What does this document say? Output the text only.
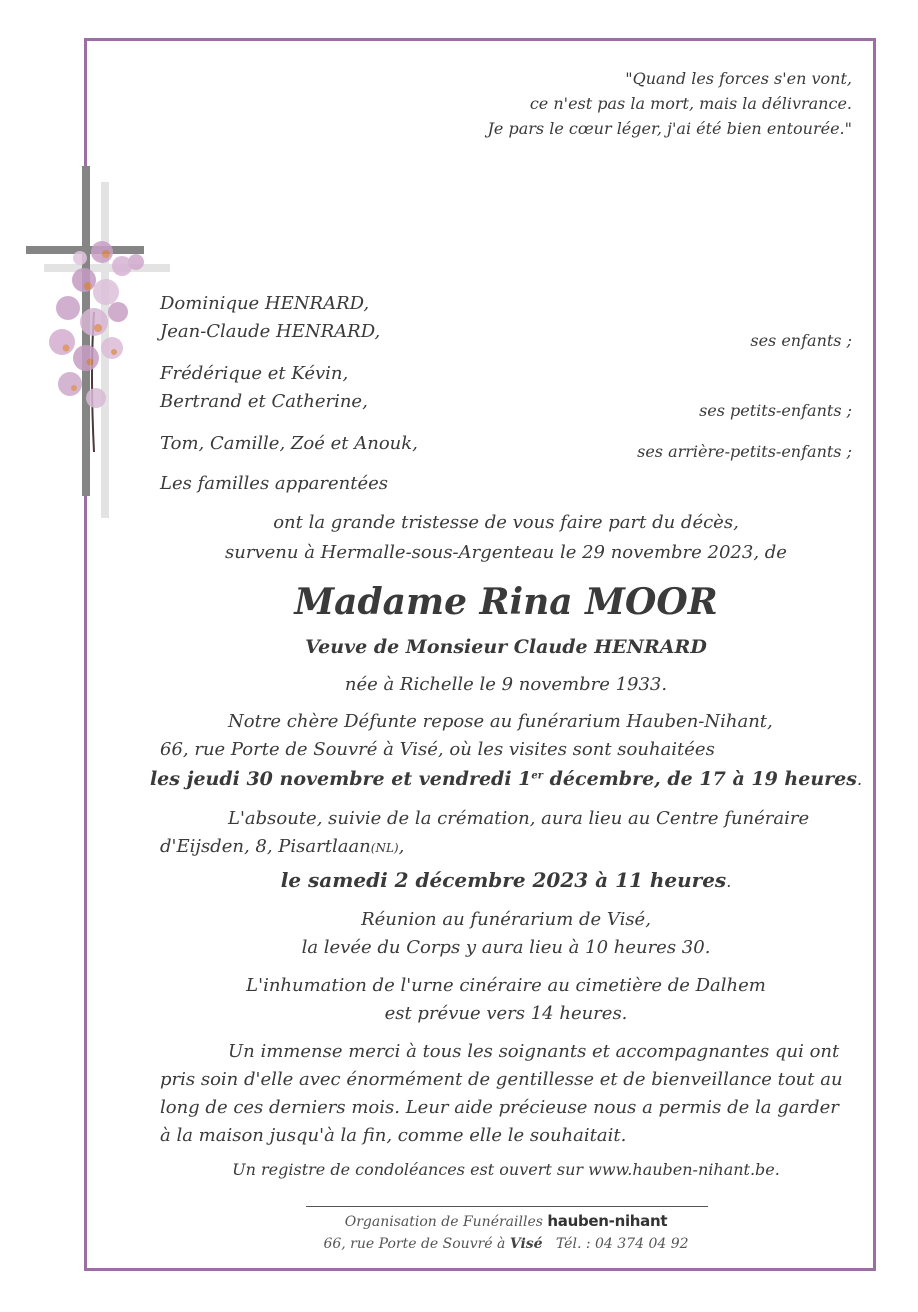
"Quand les forces s'en vont,
ce n'est pas la mort, mais la délivrance.
Je pars le cœur léger, j'ai été bien entourée."
Dominique HENRARD,
Jean-Claude HENRARD,	ses enfants ;
Frédérique et Kévin,
Bertrand et Catherine,	ses petits-enfants ;
Tom, Camille, Zoé et Anouk,	ses arrière-petits-enfants ;
Les familles apparentées
ont la grande tristesse de vous faire part du décès,
survenu à Hermalle-sous-Argenteau le 29 novembre 2023, de
Madame Rina MOOR
Veuve de Monsieur Claude HENRARD
née à Richelle le 9 novembre 1933.
Notre chère Défunte repose au funérarium Hauben-Nihant,
66, rue Porte de Souvré à Visé, où les visites sont souhaitées
les jeudi 30 novembre et vendredi 1er décembre, de 17 à 19 heures.
L'absoute, suivie de la crémation, aura lieu au Centre funéraire
d'Eijsden, 8, Pisartlaan(NL),
le samedi 2 décembre 2023 à 11 heures.
Réunion au funérarium de Visé,
la levée du Corps y aura lieu à 10 heures 30.
L'inhumation de l'urne cinéraire au cimetière de Dalhem
est prévue vers 14 heures.
Un immense merci à tous les soignants et accompagnantes qui ont
pris soin d'elle avec énormément de gentillesse et de bienveillance tout au
long de ces derniers mois. Leur aide précieuse nous a permis de la garder
à la maison jusqu'à la fin, comme elle le souhaitait.
Un registre de condoléances est ouvert sur www.hauben-nihant.be.
Organisation de Funérailles hauben-nihant
66, rue Porte de Souvré à Visé   Tél. : 04 374 04 92
